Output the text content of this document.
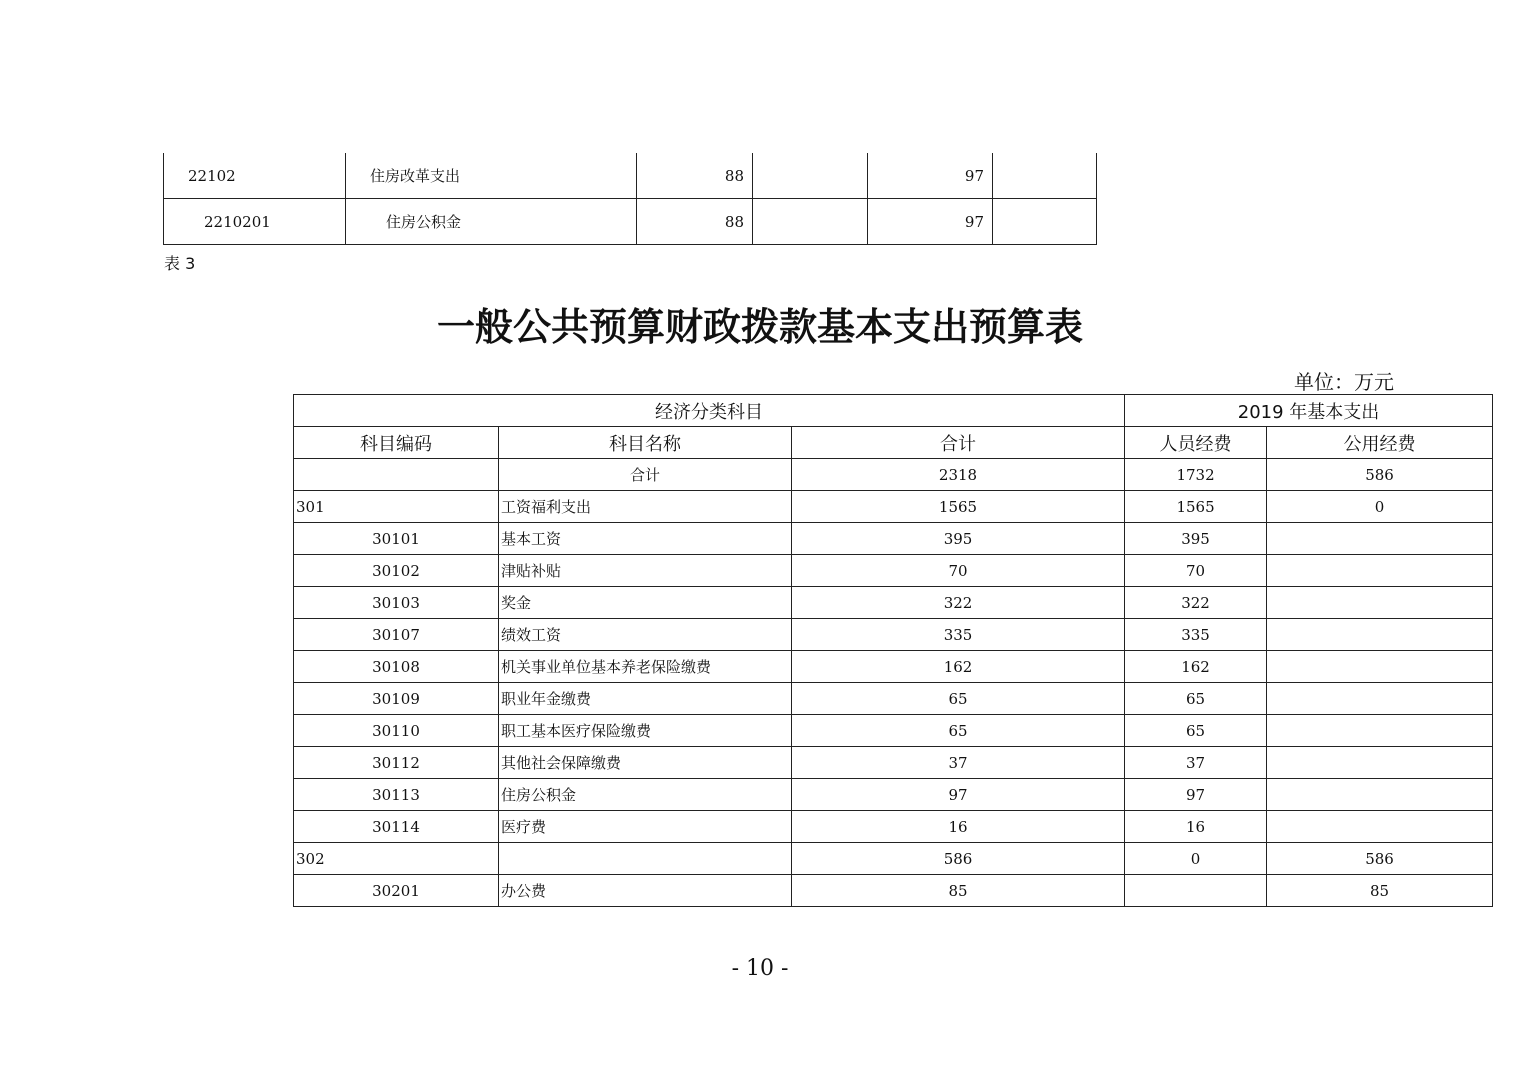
22102	住房改革支出	88		97	
2210201	住房公积金	88		97	
表 3
一般公共预算财政拨款基本支出预算表
单位：万元
经济分类科目			2019 年基本支出	
科目编码	科目名称	合计	人员经费	公用经费
	合计	2318	1732	586
301	工资福利支出	1565	1565	0
30101	基本工资	395	395	
30102	津贴补贴	70	70	
30103	奖金	322	322	
30107	绩效工资	335	335	
30108	机关事业单位基本养老保险缴费	162	162	
30109	职业年金缴费	65	65	
30110	职工基本医疗保险缴费	65	65	
30112	其他社会保障缴费	37	37	
30113	住房公积金	97	97	
30114	医疗费	16	16	
302		586	0	586
30201	办公费	85		85
- 10 -
